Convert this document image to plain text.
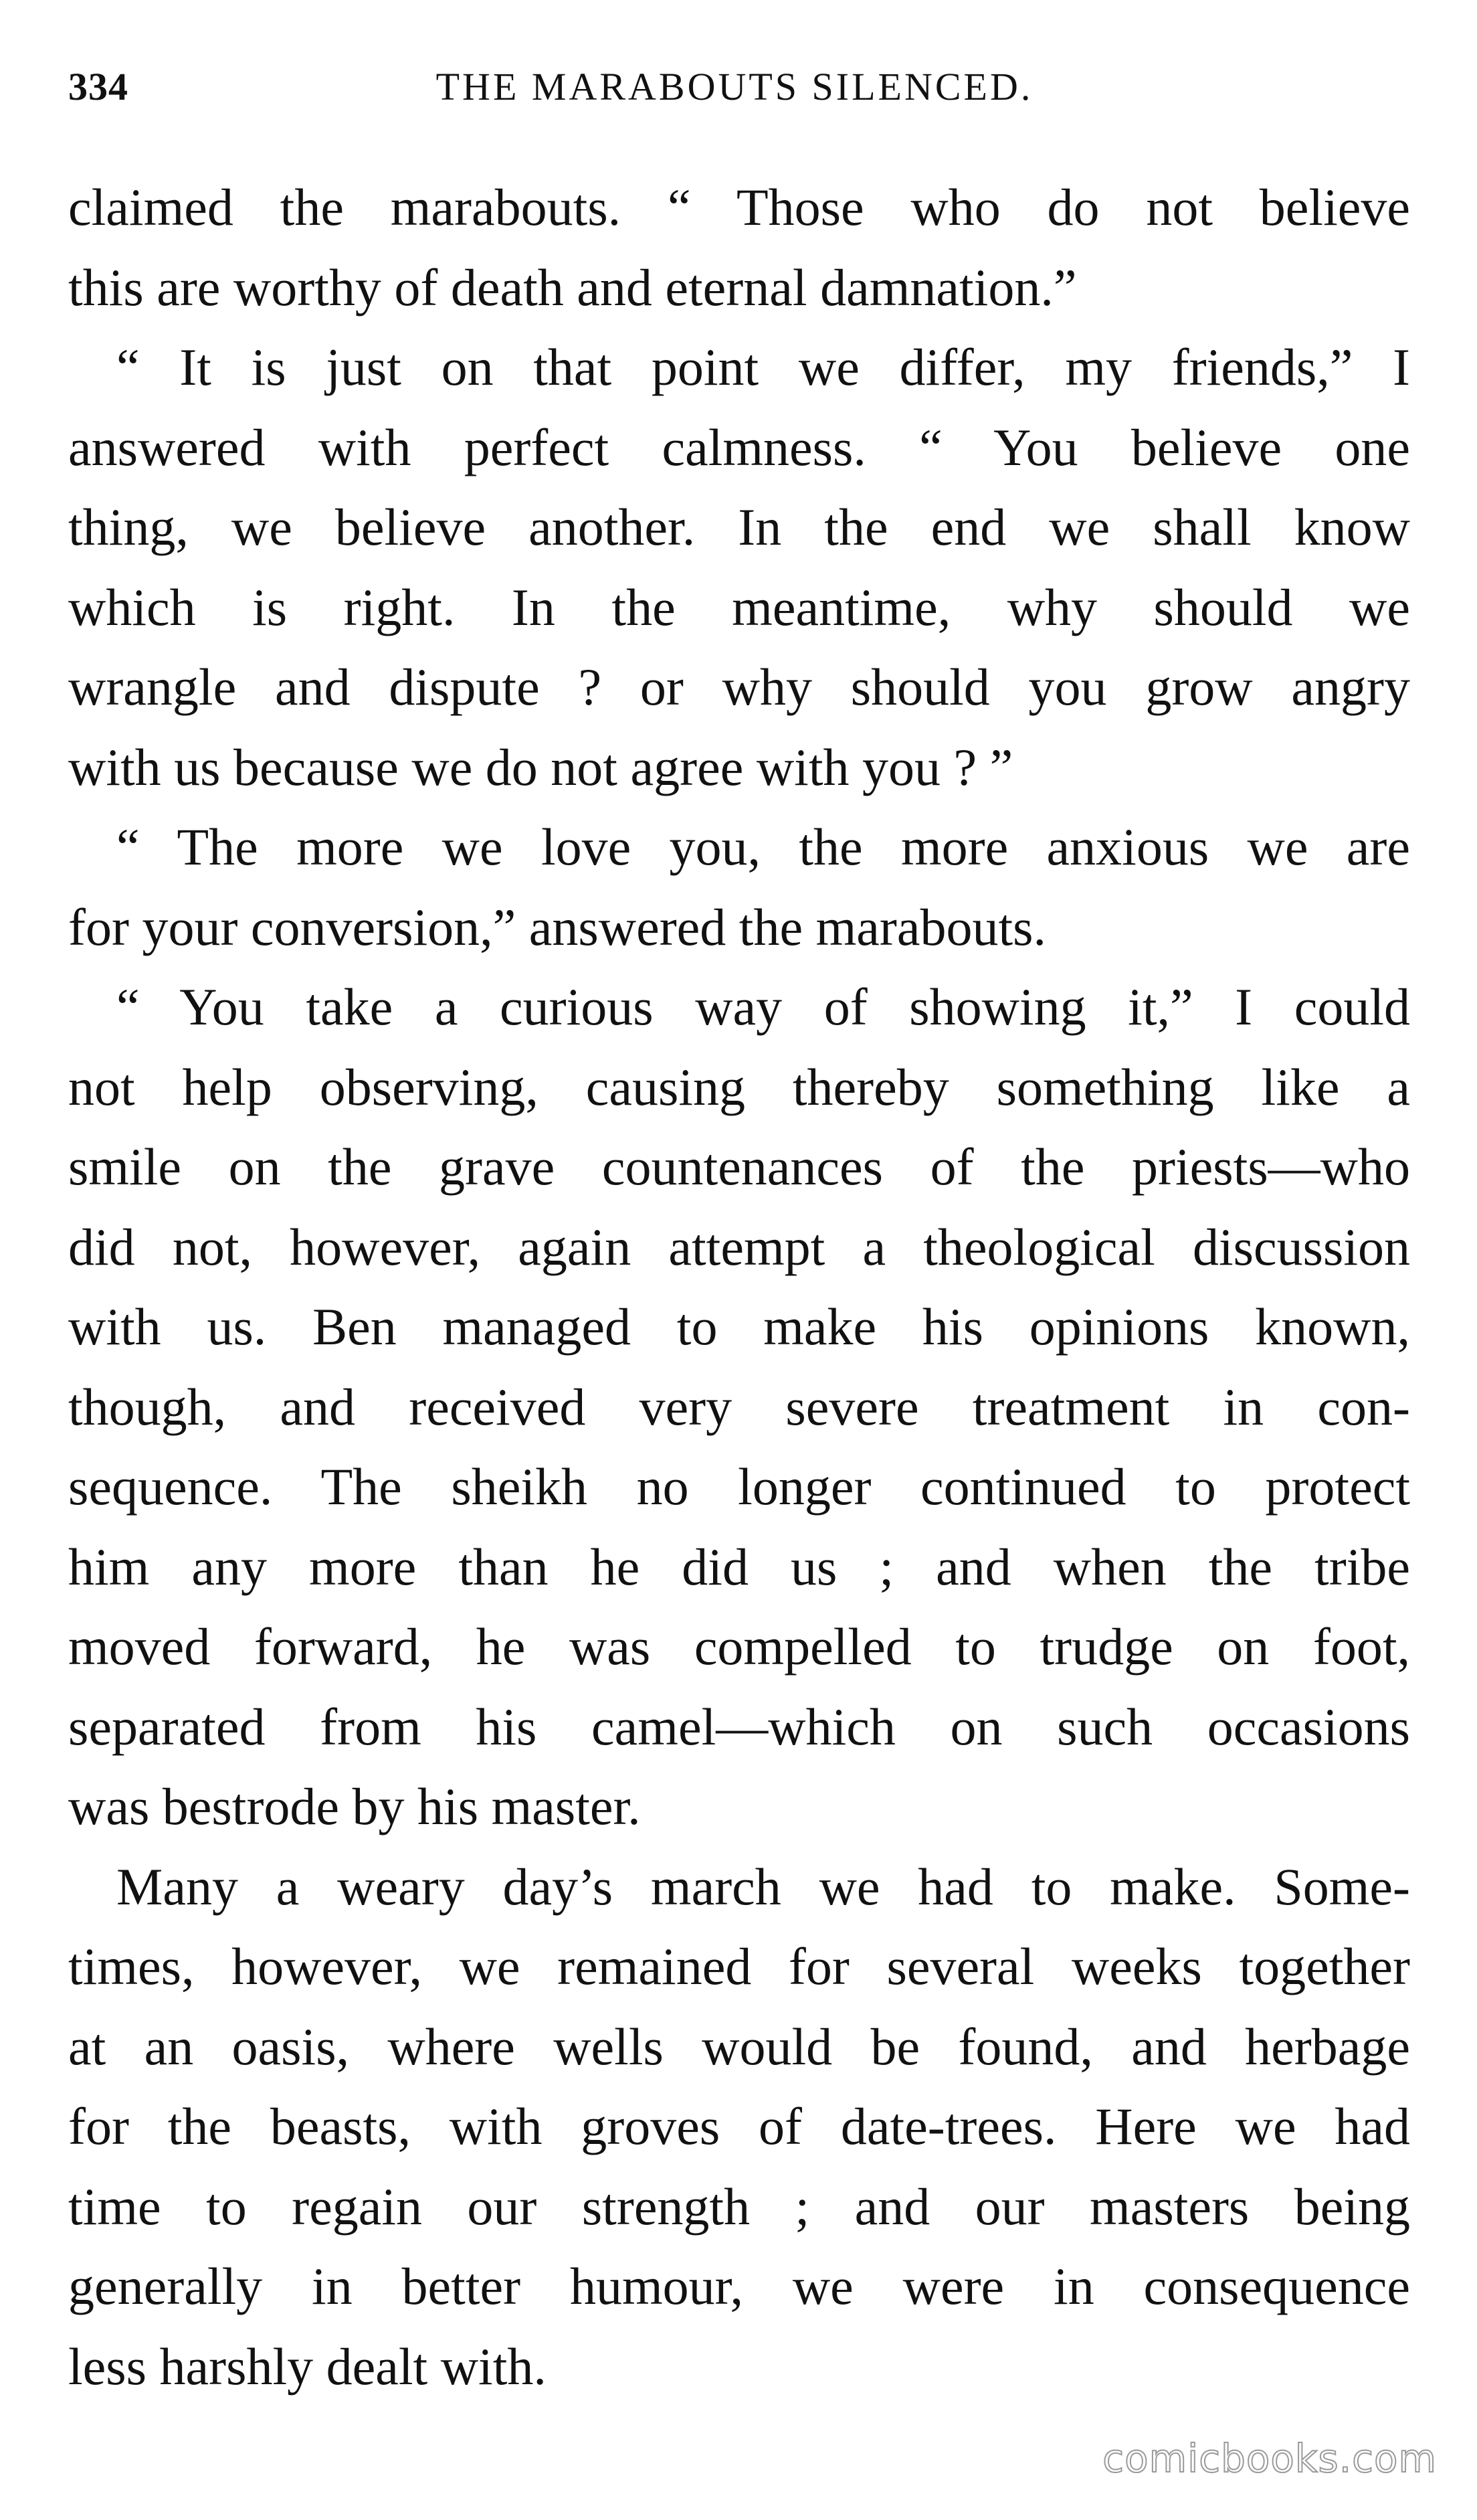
334	THE MARABOUTS SILENCED.
claimed the marabouts. “ Those who do not believe
this are worthy of death and eternal damnation.”
“ It is just on that point we differ, my friends,” I
answered with perfect calmness. “ You believe one
thing, we believe another. In the end we shall know
which is right. In the meantime, why should we
wrangle and dispute ? or why should you grow angry
with us because we do not agree with you ? ”
“ The more we love you, the more anxious we are
for your conversion,” answered the marabouts.
“ You take a curious way of showing it,” I could
not help observing, causing thereby something like a
smile on the grave countenances of the priests—who
did not, however, again attempt a theological discussion
with us. Ben managed to make his opinions known,
though, and received very severe treatment in con-
sequence. The sheikh no longer continued to protect
him any more than he did us ; and when the tribe
moved forward, he was compelled to trudge on foot,
separated from his camel—which on such occasions
was bestrode by his master.
Many a weary day’s march we had to make. Some-
times, however, we remained for several weeks together
at an oasis, where wells would be found, and herbage
for the beasts, with groves of date-trees. Here we had
time to regain our strength ; and our masters being
generally in better humour, we were in consequence
less harshly dealt with.
comicbooks.com
